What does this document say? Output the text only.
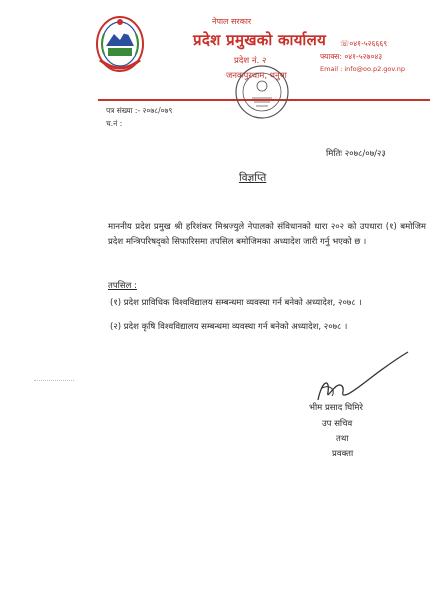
नेपाल सरकार
प्रदेश प्रमुखको कार्यालय
प्रदेश नं. २
जनकपुरधाम, धनुषा
☏०४१-५२६६६९
फ्याक्स: ०४१-५२७०४३
Email : info@oo.p2.gov.np
पत्र संख्या :- २०७८/०७९
च.नं :
मितिः २०७८/०७/२३
विज्ञप्ति
माननीय प्रदेश प्रमुख श्री हरिशंकर मिश्रज्युले नेपालको संविधानको धारा २०२ को उपधारा (१) बमोजिम प्रदेश मन्त्रिपरिषद्को सिफारिसमा तपसिल बमोजिमका अध्यादेश जारी गर्नु भएको छ ।
तपसिल :
(१) प्रदेश प्राविधिक विश्वविद्यालय सम्बन्धमा व्यवस्था गर्न बनेको अध्यादेश, २०७८ ।
(२) प्रदेश कृषि विश्वविद्यालय सम्बन्धमा व्यवस्था गर्न बनेको अध्यादेश, २०७८ ।
भीम प्रसाद घिमिरे
उप सचिव
तथा
प्रवक्ता
